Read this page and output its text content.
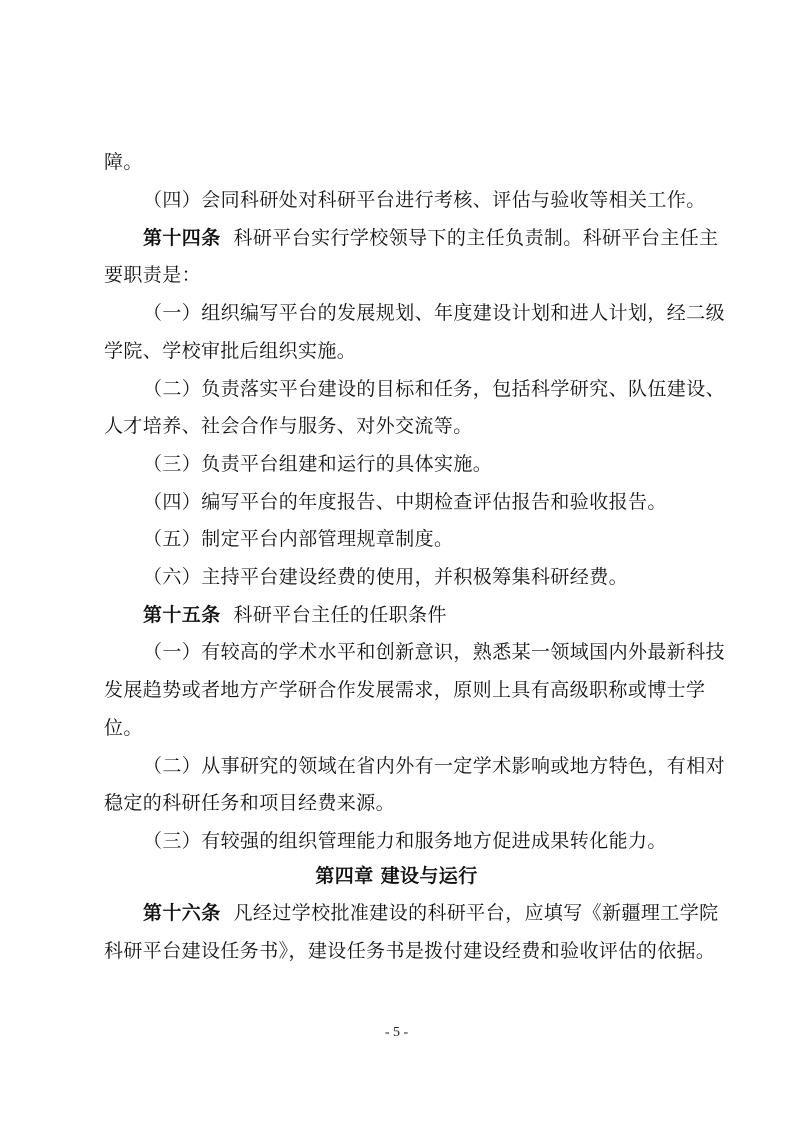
障。
（四）会同科研处对科研平台进行考核、评估与验收等相关工作。
第十四条 科研平台实行学校领导下的主任负责制。科研平台主任主
要职责是：
（一）组织编写平台的发展规划、年度建设计划和进人计划，经二级
学院、学校审批后组织实施。
（二）负责落实平台建设的目标和任务，包括科学研究、队伍建设、
人才培养、社会合作与服务、对外交流等。
（三）负责平台组建和运行的具体实施。
（四）编写平台的年度报告、中期检查评估报告和验收报告。
（五）制定平台内部管理规章制度。
（六）主持平台建设经费的使用，并积极筹集科研经费。
第十五条 科研平台主任的任职条件
（一）有较高的学术水平和创新意识，熟悉某一领域国内外最新科技
发展趋势或者地方产学研合作发展需求，原则上具有高级职称或博士学
位。
（二）从事研究的领域在省内外有一定学术影响或地方特色，有相对
稳定的科研任务和项目经费来源。
（三）有较强的组织管理能力和服务地方促进成果转化能力。
第四章 建设与运行
第十六条 凡经过学校批准建设的科研平台，应填写《新疆理工学院
科研平台建设任务书》，建设任务书是拨付建设经费和验收评估的依据。
- 5 -
